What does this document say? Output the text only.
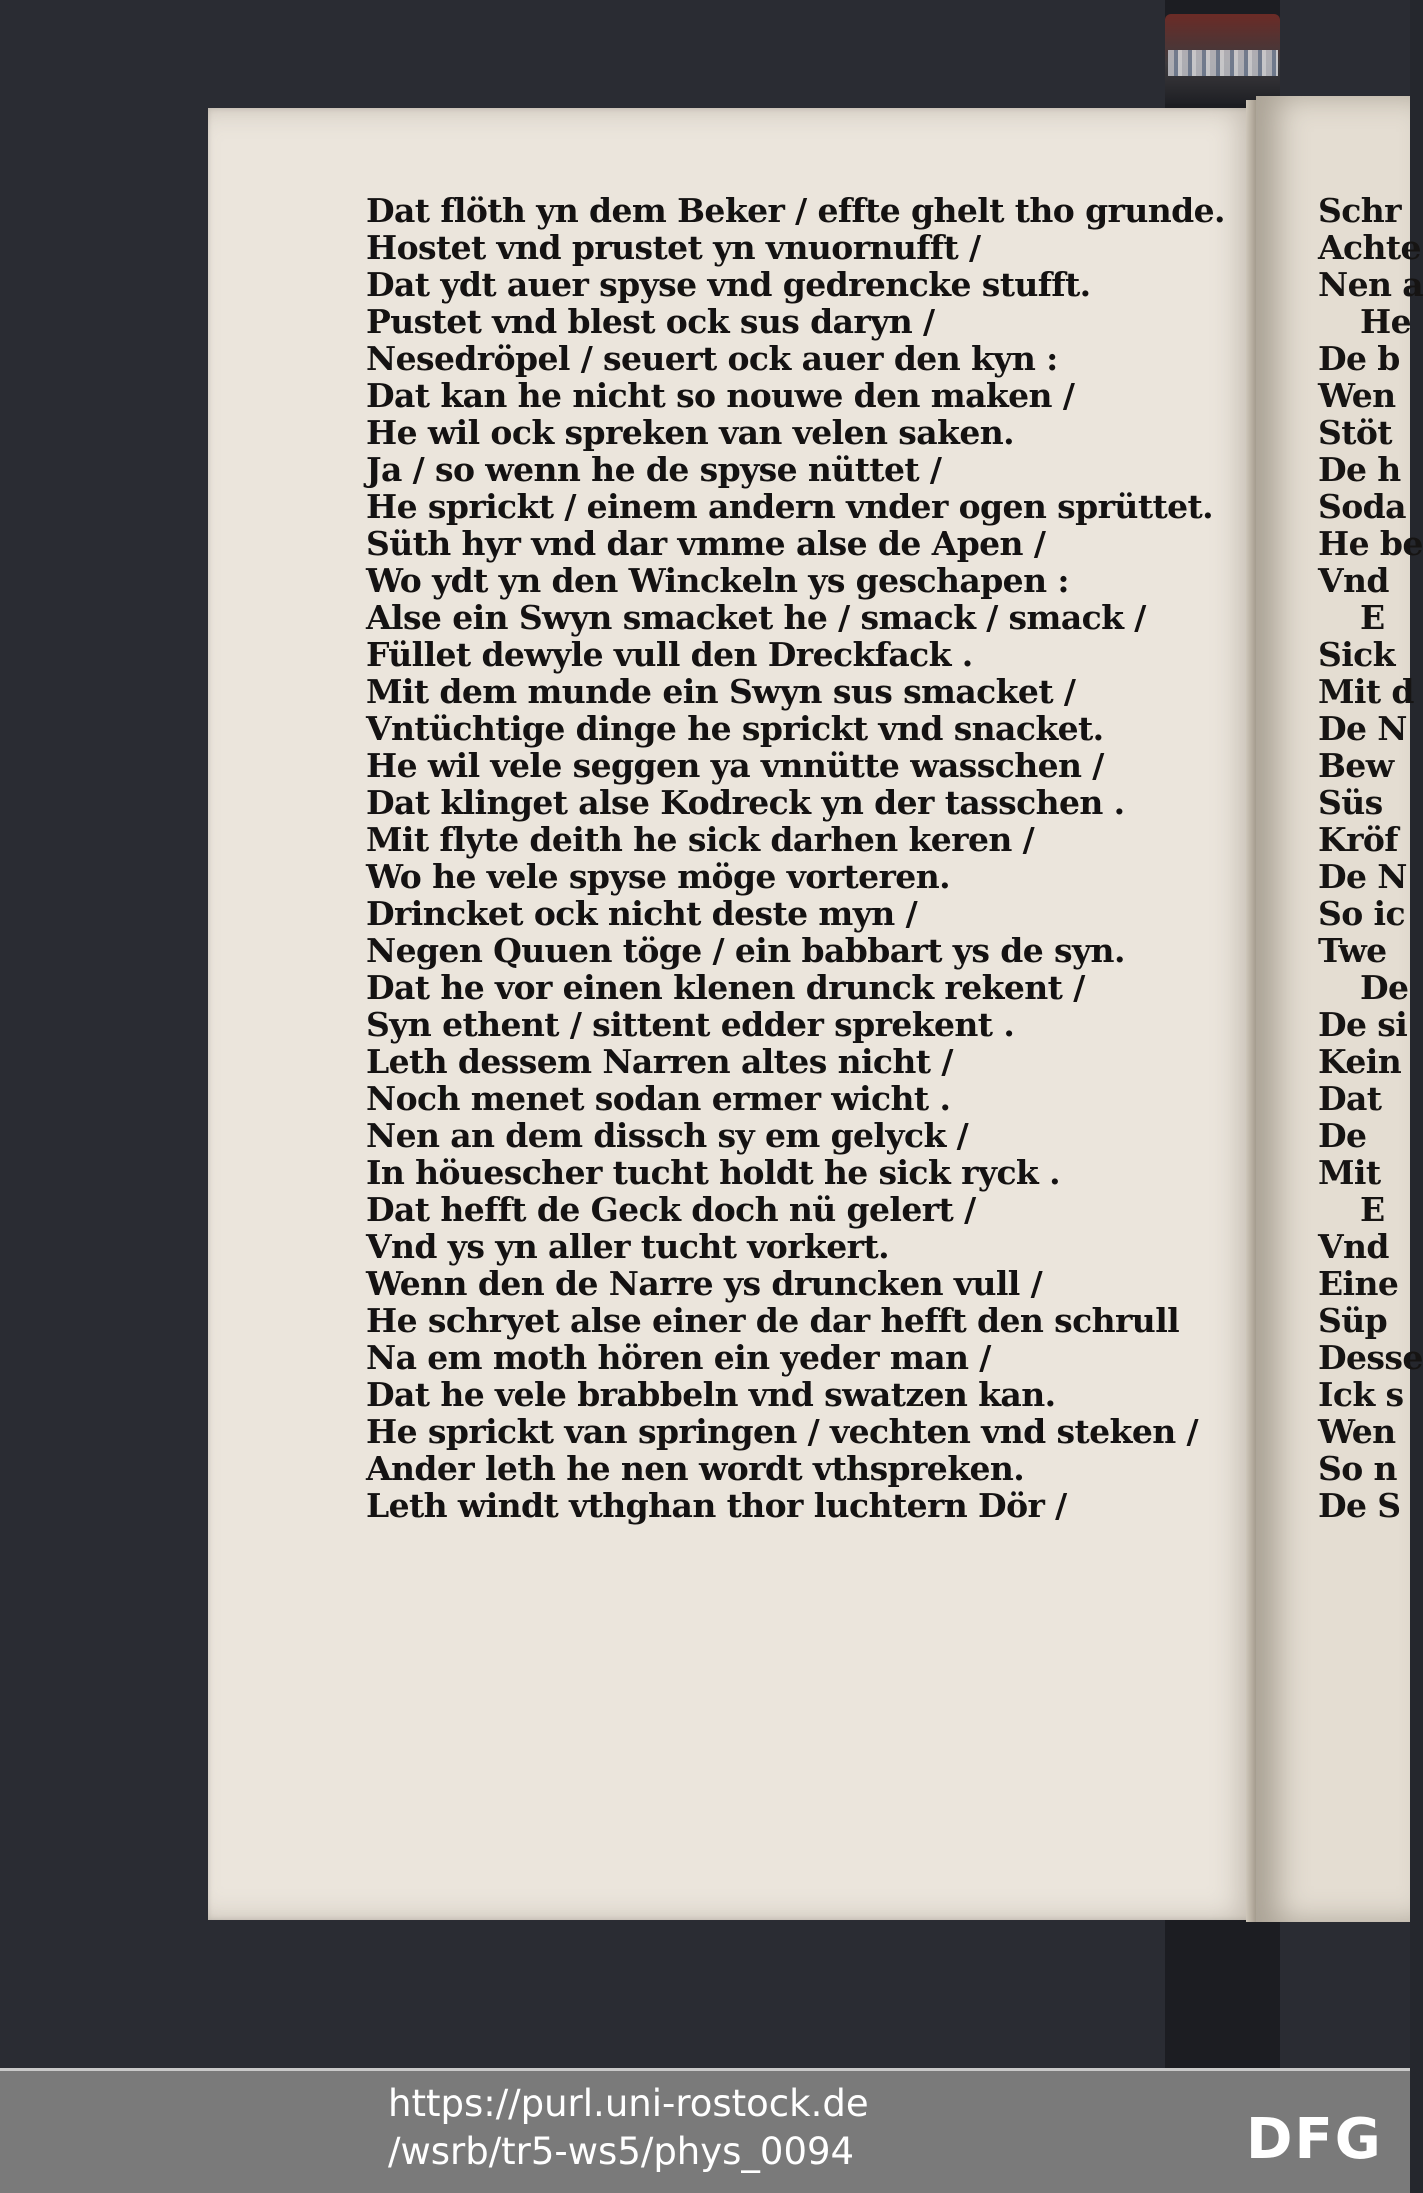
Dat flöth yn dem Beker / effte ghelt tho grunde.
Hostet vnd prustet yn vnuornufft /
Dat ydt auer spyse vnd gedrencke stufft.
Pustet vnd blest ock sus daryn /
Nesedröpel / seuert ock auer den kyn :
Dat kan he nicht so nouwe den maken /
He wil ock spreken van velen saken.
Ja / so wenn he de spyse nüttet /
He sprickt / einem andern vnder ogen sprüttet.
Süth hyr vnd dar vmme alse de Apen /
Wo ydt yn den Winckeln ys geschapen :
Alse ein Swyn smacket he / smack / smack /
Füllet dewyle vull den Dreckfack .
Mit dem munde ein Swyn sus smacket /
Vntüchtige dinge he sprickt vnd snacket.
He wil vele seggen ya vnnütte wasschen /
Dat klinget alse Kodreck yn der tasschen .
Mit flyte deith he sick darhen keren /
Wo he vele spyse möge vorteren.
Drincket ock nicht deste myn /
Negen Quuen töge / ein babbart ys de syn.
Dat he vor einen klenen drunck rekent /
Syn ethent / sittent edder sprekent .
Leth dessem Narren altes nicht /
Noch menet sodan ermer wicht .
Nen an dem dissch sy em gelyck /
In höuescher tucht holdt he sick ryck .
Dat hefft de Geck doch nü gelert /
Vnd ys yn aller tucht vorkert.
Wenn den de Narre ys druncken vull /
He schryet alse einer de dar hefft den schrull
Na em moth hören ein yeder man /
Dat he vele brabbeln vnd swatzen kan.
He sprickt van springen / vechten vnd steken /
Ander leth he nen wordt vthspreken.
Leth windt vthghan thor luchtern Dör /
Schr
Achte
Nen a
He
De b
Wen
Stöt
De h
Soda
He be
Vnd
E
Sick
Mit d
De N
Bew
Süs
Kröf
De N
So ic
Twe
De
De si
Kein
Dat
De
Mit
E
Vnd
Eine
Süp
Desse
Ick s
Wen
So n
De S
https://purl.uni-rostock.de
/wsrb/tr5-ws5/phys_0094	DFG
